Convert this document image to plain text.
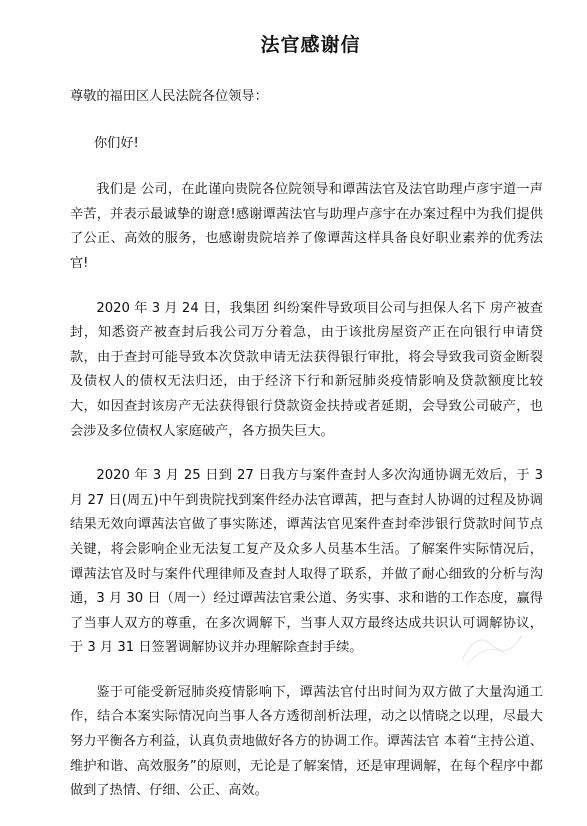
法官感谢信

尊敬的福田区人民法院各位领导：

你们好!

我们是 公司，在此谨向贵院各位院领导和谭茜法官及法官助理卢彦宇道一声辛苦，并表示最诚挚的谢意!感谢谭茜法官与助理卢彦宇在办案过程中为我们提供了公正、高效的服务，也感谢贵院培养了像谭茜这样具备良好职业素养的优秀法官!

2020 年 3 月 24 日，我集团 纠纷案件导致项目公司与担保人名下 房产被查封，知悉资产被查封后我公司万分着急，由于该批房屋资产正在向银行申请贷款，由于查封可能导致本次贷款申请无法获得银行审批，将会导致我司资金断裂及债权人的债权无法归还，由于经济下行和新冠肺炎疫情影响及贷款额度比较大，如因查封该房产无法获得银行贷款资金扶持或者延期，会导致公司破产，也会涉及多位债权人家庭破产，各方损失巨大。

2020 年 3 月 25 日到 27 日我方与案件查封人多次沟通协调无效后，于 3 月 27 日(周五)中午到贵院找到案件经办法官谭茜，把与查封人协调的过程及协调结果无效向谭茜法官做了事实陈述，谭茜法官见案件查封牵涉银行贷款时间节点关键，将会影响企业无法复工复产及众多人员基本生活。了解案件实际情况后，谭茜法官及时与案件代理律师及查封人取得了联系，并做了耐心细致的分析与沟通，3 月 30 日（周一）经过谭茜法官秉公道、务实事、求和谐的工作态度，赢得了当事人双方的尊重，在多次调解下，当事人双方最终达成共识认可调解协议，于 3 月 31 日签署调解协议并办理解除查封手续。

鉴于可能受新冠肺炎疫情影响下，谭茜法官付出时间为双方做了大量沟通工作，结合本案实际情况向当事人各方透彻剖析法理，动之以情晓之以理，尽最大努力平衡各方利益，认真负责地做好各方的协调工作。谭茜法官 本着“主持公道、维护和谐、高效服务”的原则，无论是了解案情，还是审理调解，在每个程序中都做到了热情、仔细、公正、高效。
